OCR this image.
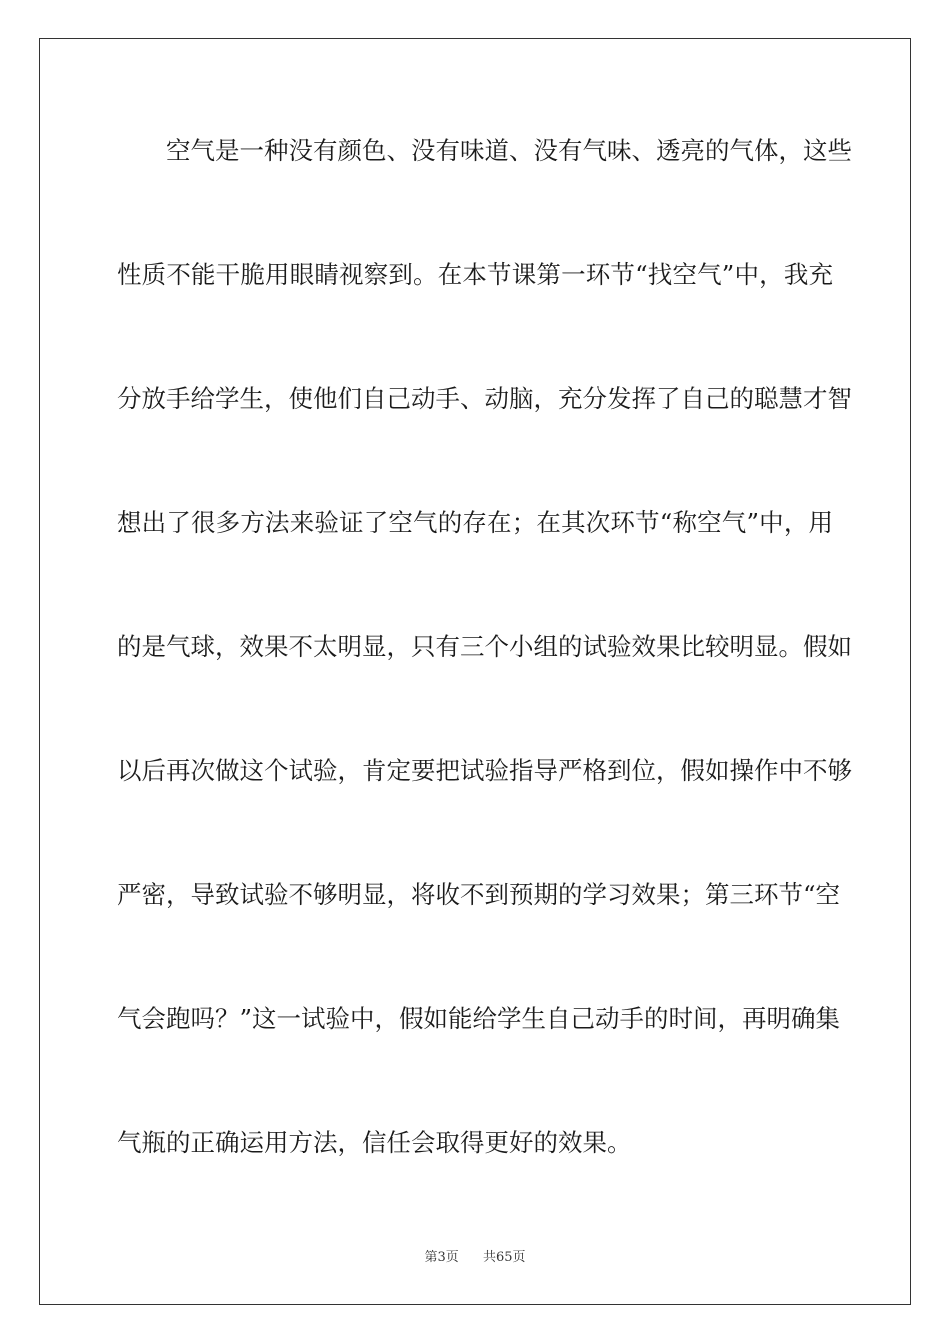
空气是一种没有颜色、没有味道、没有气味、透亮的气体，这些
性质不能干脆用眼睛视察到。在本节课第一环节“找空气”中，我充
分放手给学生，使他们自己动手、动脑，充分发挥了自己的聪慧才智
想出了很多方法来验证了空气的存在；在其次环节“称空气”中，用
的是气球，效果不太明显，只有三个小组的试验效果比较明显。假如
以后再次做这个试验，肯定要把试验指导严格到位，假如操作中不够
严密，导致试验不够明显，将收不到预期的学习效果；第三环节“空
气会跑吗？”这一试验中，假如能给学生自己动手的时间，再明确集
气瓶的正确运用方法，信任会取得更好的效果。
第3页 共65页
